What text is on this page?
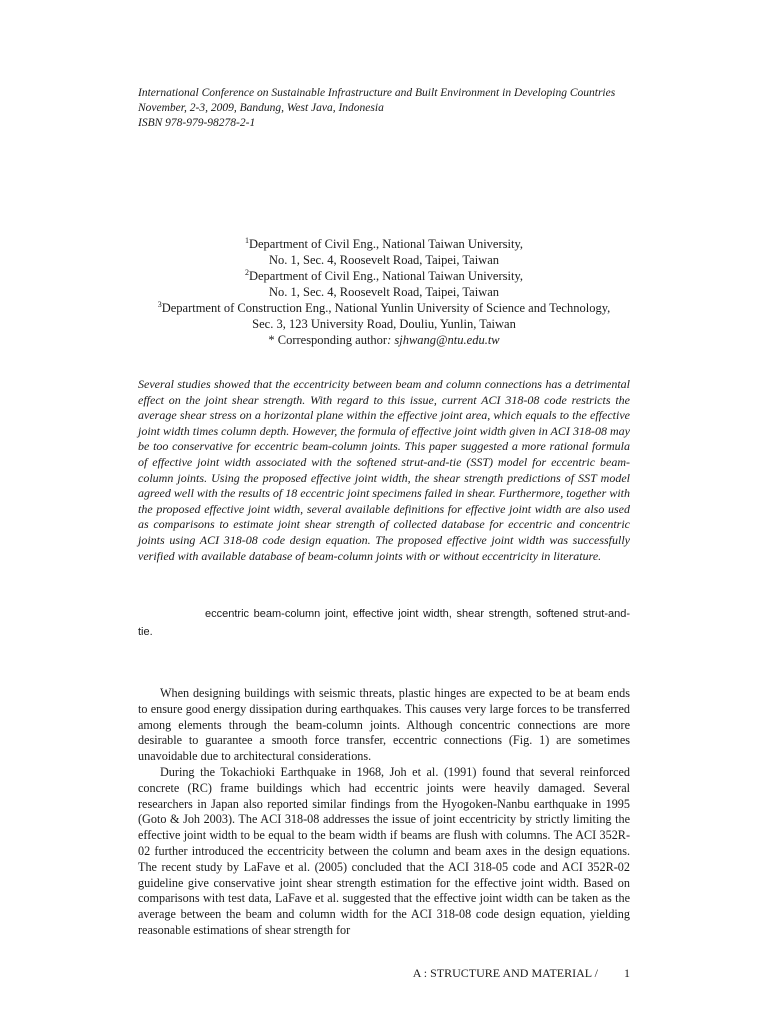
International Conference on Sustainable Infrastructure and Built Environment in Developing Countries
November, 2-3, 2009, Bandung, West Java, Indonesia
ISBN 978-979-98278-2-1
$^1$Department of Civil Eng., National Taiwan University,
No. 1, Sec. 4, Roosevelt Road, Taipei, Taiwan
$^2$Department of Civil Eng., National Taiwan University,
No. 1, Sec. 4, Roosevelt Road, Taipei, Taiwan
$^3$Department of Construction Eng., National Yunlin University of Science and Technology,
Sec. 3, 123 University Road, Douliu, Yunlin, Taiwan
* Corresponding author: sjhwang@ntu.edu.tw

Several studies showed that the eccentricity between beam and column connections has a detrimental effect on the joint shear strength. With regard to this issue, current ACI 318-08 code restricts the average shear stress on a horizontal plane within the effective joint area, which equals to the effective joint width times column depth. However, the formula of effective joint width given in ACI 318-08 may be too conservative for eccentric beam-column joints. This paper suggested a more rational formula of effective joint width associated with the softened strut-and-tie (SST) model for eccentric beam-column joints. Using the proposed effective joint width, the shear strength predictions of SST model agreed well with the results of 18 eccentric joint specimens failed in shear. Furthermore, together with the proposed effective joint width, several available definitions for effective joint width are also used as comparisons to estimate joint shear strength of collected database for eccentric and concentric joints using ACI 318-08 code design equation. The proposed effective joint width was successfully verified with available database of beam-column joints with or without eccentricity in literature.

eccentric beam-column joint, effective joint width, shear strength, softened strut-and-tie.

When designing buildings with seismic threats, plastic hinges are expected to be at beam ends to ensure good energy dissipation during earthquakes. This causes very large forces to be transferred among elements through the beam-column joints. Although concentric connections are more desirable to guarantee a smooth force transfer, eccentric connections (Fig. 1) are sometimes unavoidable due to architectural considerations.

During the Tokachioki Earthquake in 1968, Joh et al. (1991) found that several reinforced concrete (RC) frame buildings which had eccentric joints were heavily damaged. Several researchers in Japan also reported similar findings from the Hyogoken-Nanbu earthquake in 1995 (Goto & Joh 2003). The ACI 318-08 addresses the issue of joint eccentricity by strictly limiting the effective joint width to be equal to the beam width if beams are flush with columns. The ACI 352R-02 further introduced the eccentricity between the column and beam axes in the design equations. The recent study by LaFave et al. (2005) concluded that the ACI 318-05 code and ACI 352R-02 guideline give conservative joint shear strength estimation for the effective joint width. Based on comparisons with test data, LaFave et al. suggested that the effective joint width can be taken as the average between the beam and column width for the ACI 318-08 code design equation, yielding reasonable estimations of shear strength for

A : STRUCTURE AND MATERIAL / 1
